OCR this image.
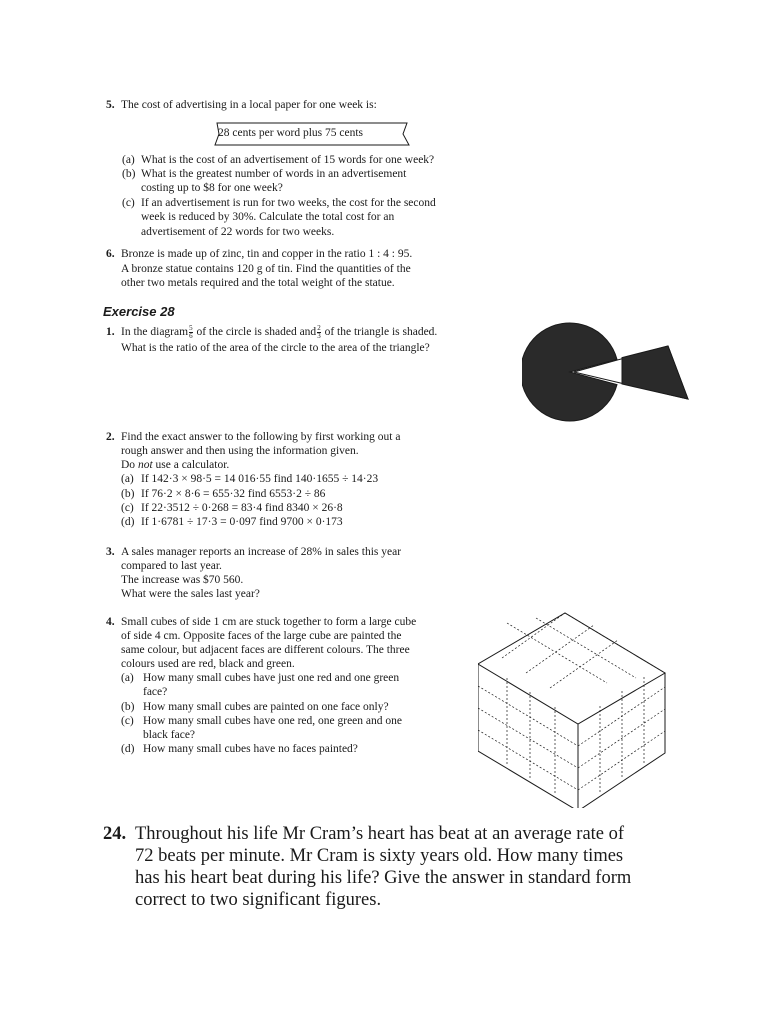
5. The cost of advertising in a local paper for one week is:
28 cents per word plus 75 cents
(a) What is the cost of an advertisement of 15 words for one week?
(b) What is the greatest number of words in an advertisement
costing up to $8 for one week?
(c) If an advertisement is run for two weeks, the cost for the second
week is reduced by 30%. Calculate the total cost for an
advertisement of 22 words for two weeks.
6. Bronze is made up of zinc, tin and copper in the ratio 1 : 4 : 95.
A bronze statue contains 120 g of tin. Find the quantities of the
other two metals required and the total weight of the statue.
Exercise 28
1. In the diagram $\frac{5}{6}$ of the circle is shaded and $\frac{2}{3}$ of the triangle is shaded.
What is the ratio of the area of the circle to the area of the triangle?
2. Find the exact answer to the following by first working out a
rough answer and then using the information given.
Do not use a calculator.
(a) If 142·3 × 98·5 = 14 016·55 find 140·1655 ÷ 14·23
(b) If 76·2 × 8·6 = 655·32 find 6553·2 ÷ 86
(c) If 22·3512 ÷ 0·268 = 83·4 find 8340 × 26·8
(d) If 1·6781 ÷ 17·3 = 0·097 find 9700 × 0·173
3. A sales manager reports an increase of 28% in sales this year
compared to last year.
The increase was $70 560.
What were the sales last year?
4. Small cubes of side 1 cm are stuck together to form a large cube
of side 4 cm. Opposite faces of the large cube are painted the
same colour, but adjacent faces are different colours. The three
colours used are red, black and green.
(a) How many small cubes have just one red and one green
face?
(b) How many small cubes are painted on one face only?
(c) How many small cubes have one red, one green and one
black face?
(d) How many small cubes have no faces painted?
24. Throughout his life Mr Cram’s heart has beat at an average rate of
72 beats per minute. Mr Cram is sixty years old. How many times
has his heart beat during his life? Give the answer in standard form
correct to two significant figures.
